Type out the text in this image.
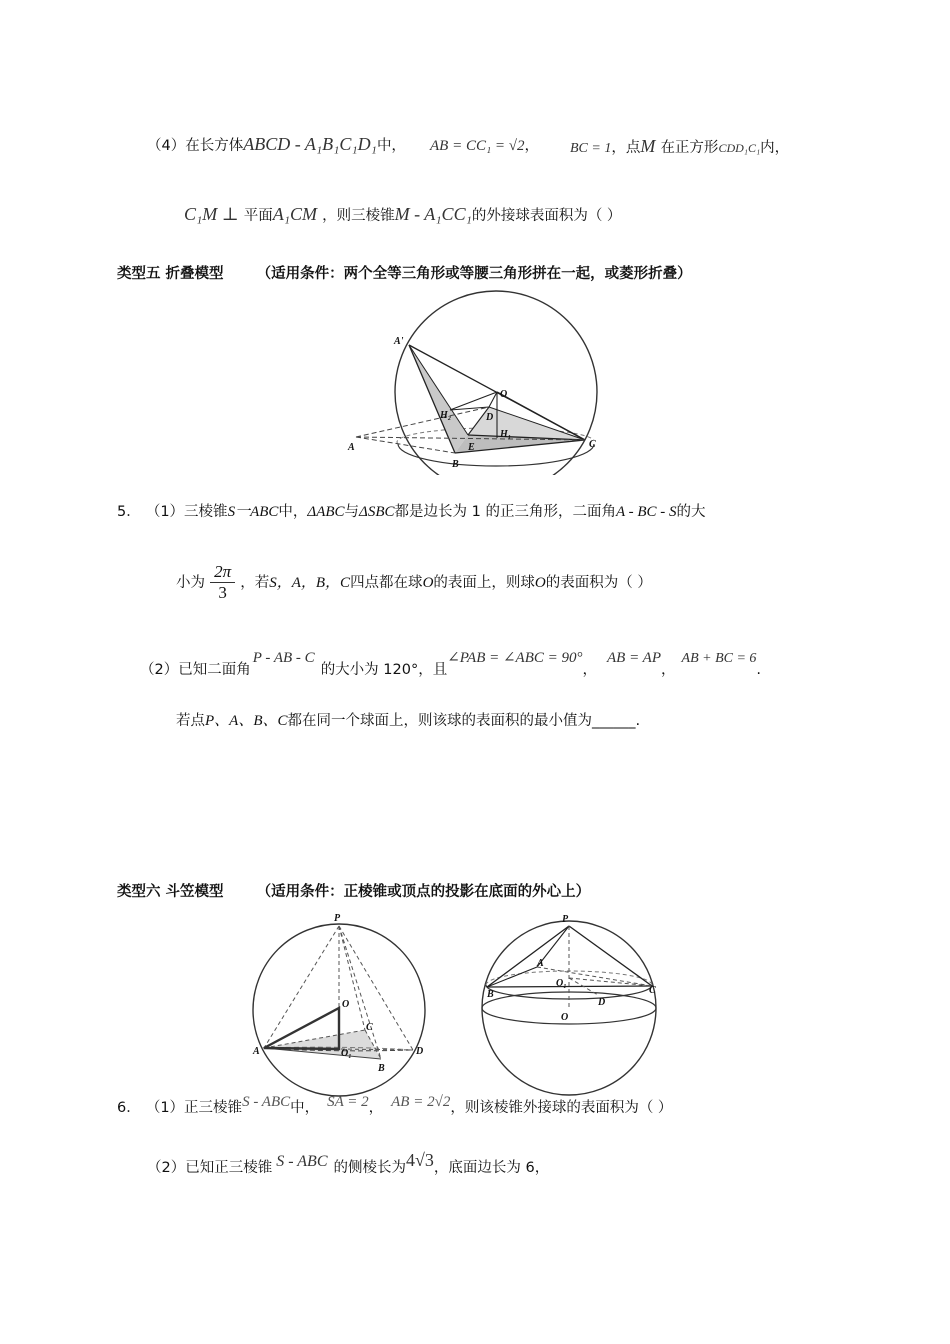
（4）在长方体ABCD - A₁B₁C₁D₁中， AB = CC₁ = √2， BC = 1，点M 在正方形CDD₁C₁内，
C₁M ⊥ 平面A₁CM ，则三棱锥M - A₁CC₁的外接球表面积为（ ）
类型五 折叠模型 （适用条件：两个全等三角形或等腰三角形拼在一起，或菱形折叠）
A'
O
H₂	D
H₁
A	E
B
C
5． （1）三棱锥S一ABC中，ΔABC与ΔSBC都是边长为 1 的正三角形，二面角A - BC - S的大
小为 $\frac{2\pi}{3}$ ，若S，A，B，C四点都在球O的表面上，则球O的表面积为（ ）
（2）已知二面角P - AB - C的大小为 120°，且∠PAB = ∠ABC = 90°，AB = AP，AB + BC = 6.
若点P、A、B、C都在同一个球面上，则该球的表面积的最小值为______.
类型六 斗笠模型 （适用条件：正棱锥或顶点的投影在底面的外心上）
P
O
C
A	O₁
B
D
P
A
O₁
B	C
D
O
6． （1）正三棱锥S - ABC中， SA = 2， AB = 2√2，则该棱锥外接球的表面积为（ ）
（2）已知正三棱锥 S - ABC 的侧棱长为4√3，底面边长为 6，
